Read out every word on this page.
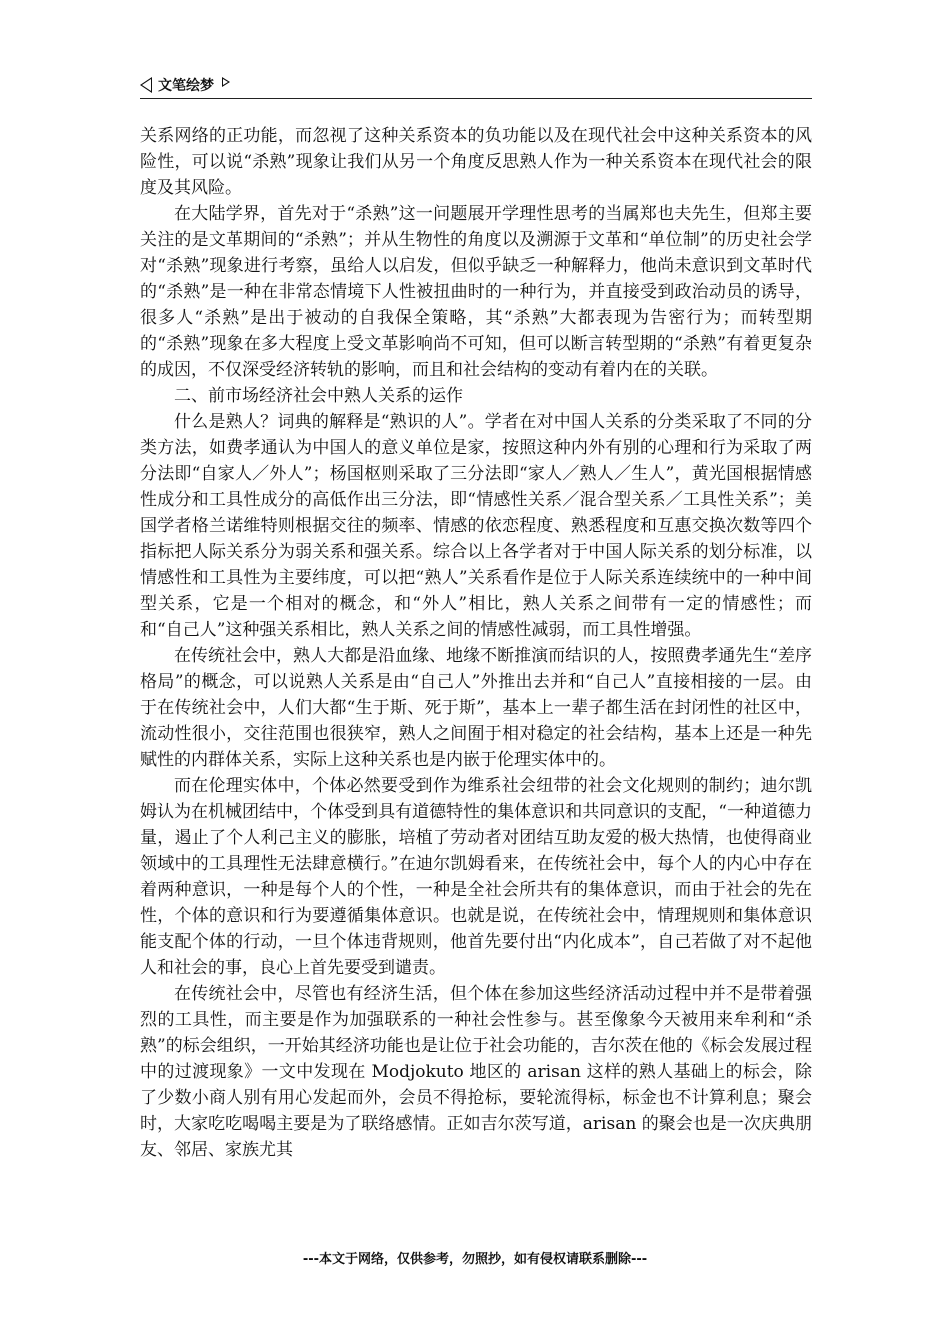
文笔绘梦

关系网络的正功能，而忽视了这种关系资本的负功能以及在现代社会中这种关系资本的风险性，可以说“杀熟”现象让我们从另一个角度反思熟人作为一种关系资本在现代社会的限度及其风险。

在大陆学界，首先对于“杀熟”这一问题展开学理性思考的当属郑也夫先生，但郑主要关注的是文革期间的“杀熟”；并从生物性的角度以及溯源于文革和“单位制”的历史社会学对“杀熟”现象进行考察，虽给人以启发，但似乎缺乏一种解释力，他尚未意识到文革时代的“杀熟”是一种在非常态情境下人性被扭曲时的一种行为，并直接受到政治动员的诱导，很多人“杀熟”是出于被动的自我保全策略，其“杀熟”大都表现为告密行为；而转型期的“杀熟”现象在多大程度上受文革影响尚不可知，但可以断言转型期的“杀熟”有着更复杂的成因，不仅深受经济转轨的影响，而且和社会结构的变动有着内在的关联。

二、前市场经济社会中熟人关系的运作

什么是熟人？词典的解释是“熟识的人”。学者在对中国人关系的分类采取了不同的分类方法，如费孝通认为中国人的意义单位是家，按照这种内外有别的心理和行为采取了两分法即“自家人／外人”；杨国枢则采取了三分法即“家人／熟人／生人”，黄光国根据情感性成分和工具性成分的高低作出三分法，即“情感性关系／混合型关系／工具性关系”；美国学者格兰诺维特则根据交往的频率、情感的依恋程度、熟悉程度和互惠交换次数等四个指标把人际关系分为弱关系和强关系。综合以上各学者对于中国人际关系的划分标准，以情感性和工具性为主要纬度，可以把“熟人”关系看作是位于人际关系连续统中的一种中间型关系，它是一个相对的概念，和“外人”相比，熟人关系之间带有一定的情感性；而和“自己人”这种强关系相比，熟人关系之间的情感性减弱，而工具性增强。

在传统社会中，熟人大都是沿血缘、地缘不断推演而结识的人，按照费孝通先生“差序格局”的概念，可以说熟人关系是由“自己人”外推出去并和“自己人”直接相接的一层。由于在传统社会中，人们大都“生于斯、死于斯”，基本上一辈子都生活在封闭性的社区中，流动性很小，交往范围也很狭窄，熟人之间囿于相对稳定的社会结构，基本上还是一种先赋性的内群体关系，实际上这种关系也是内嵌于伦理实体中的。

而在伦理实体中，个体必然要受到作为维系社会纽带的社会文化规则的制约；迪尔凯姆认为在机械团结中，个体受到具有道德特性的集体意识和共同意识的支配，“一种道德力量，遏止了个人利己主义的膨胀，培植了劳动者对团结互助友爱的极大热情，也使得商业领域中的工具理性无法肆意横行。”在迪尔凯姆看来，在传统社会中，每个人的内心中存在着两种意识，一种是每个人的个性，一种是全社会所共有的集体意识，而由于社会的先在性，个体的意识和行为要遵循集体意识。也就是说，在传统社会中，情理规则和集体意识能支配个体的行动，一旦个体违背规则，他首先要付出“内化成本”，自己若做了对不起他人和社会的事，良心上首先要受到谴责。

在传统社会中，尽管也有经济生活，但个体在参加这些经济活动过程中并不是带着强烈的工具性，而主要是作为加强联系的一种社会性参与。甚至像象今天被用来牟利和“杀熟”的标会组织，一开始其经济功能也是让位于社会功能的，吉尔茨在他的《标会发展过程中的过渡现象》一文中发现在 Modjokuto 地区的 arisan 这样的熟人基础上的标会，除了少数小商人别有用心发起而外，会员不得抢标，要轮流得标，标金也不计算利息；聚会时，大家吃吃喝喝主要是为了联络感情。正如吉尔茨写道，arisan 的聚会也是一次庆典朋友、邻居、家族尤其

---本文于网络，仅供参考，勿照抄，如有侵权请联系删除---
